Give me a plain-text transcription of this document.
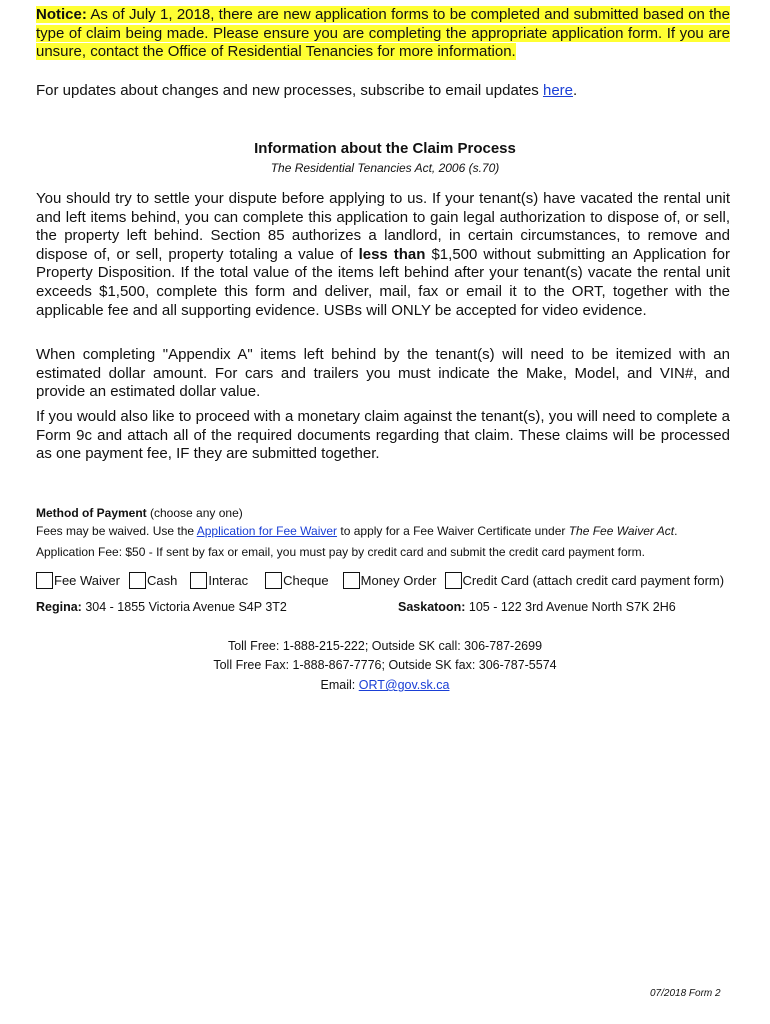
Notice: As of July 1, 2018, there are new application forms to be completed and submitted based on the type of claim being made. Please ensure you are completing the appropriate application form. If you are unsure, contact the Office of Residential Tenancies for more information.
For updates about changes and new processes, subscribe to email updates here.
Information about the Claim Process
The Residential Tenancies Act, 2006 (s.70)
You should try to settle your dispute before applying to us. If your tenant(s) have vacated the rental unit and left items behind, you can complete this application to gain legal authorization to dispose of, or sell, the property left behind. Section 85 authorizes a landlord, in certain circumstances, to remove and dispose of, or sell, property totaling a value of less than $1,500 without submitting an Application for Property Disposition. If the total value of the items left behind after your tenant(s) vacate the rental unit exceeds $1,500, complete this form and deliver, mail, fax or email it to the ORT, together with the applicable fee and all supporting evidence. USBs will ONLY be accepted for video evidence.
When completing "Appendix A" items left behind by the tenant(s) will need to be itemized with an estimated dollar amount. For cars and trailers you must indicate the Make, Model, and VIN#, and provide an estimated dollar value.
If you would also like to proceed with a monetary claim against the tenant(s), you will need to complete a Form 9c and attach all of the required documents regarding that claim. These claims will be processed as one payment fee, IF they are submitted together.
Method of Payment (choose any one)
Fees may be waived. Use the Application for Fee Waiver to apply for a Fee Waiver Certificate under The Fee Waiver Act.
Application Fee: $50 - If sent by fax or email, you must pay by credit card and submit the credit card payment form.
Fee Waiver Cash Interac	Cheque Money Order Credit Card (attach credit card payment form)
Regina: 304 - 1855 Victoria Avenue S4P 3T2	Saskatoon: 105 - 122 3rd Avenue North S7K 2H6
Toll Free: 1-888-215-222; Outside SK call: 306-787-2699
Toll Free Fax: 1-888-867-7776; Outside SK fax: 306-787-5574
Email: ORT@gov.sk.ca
07/2018 Form 2
